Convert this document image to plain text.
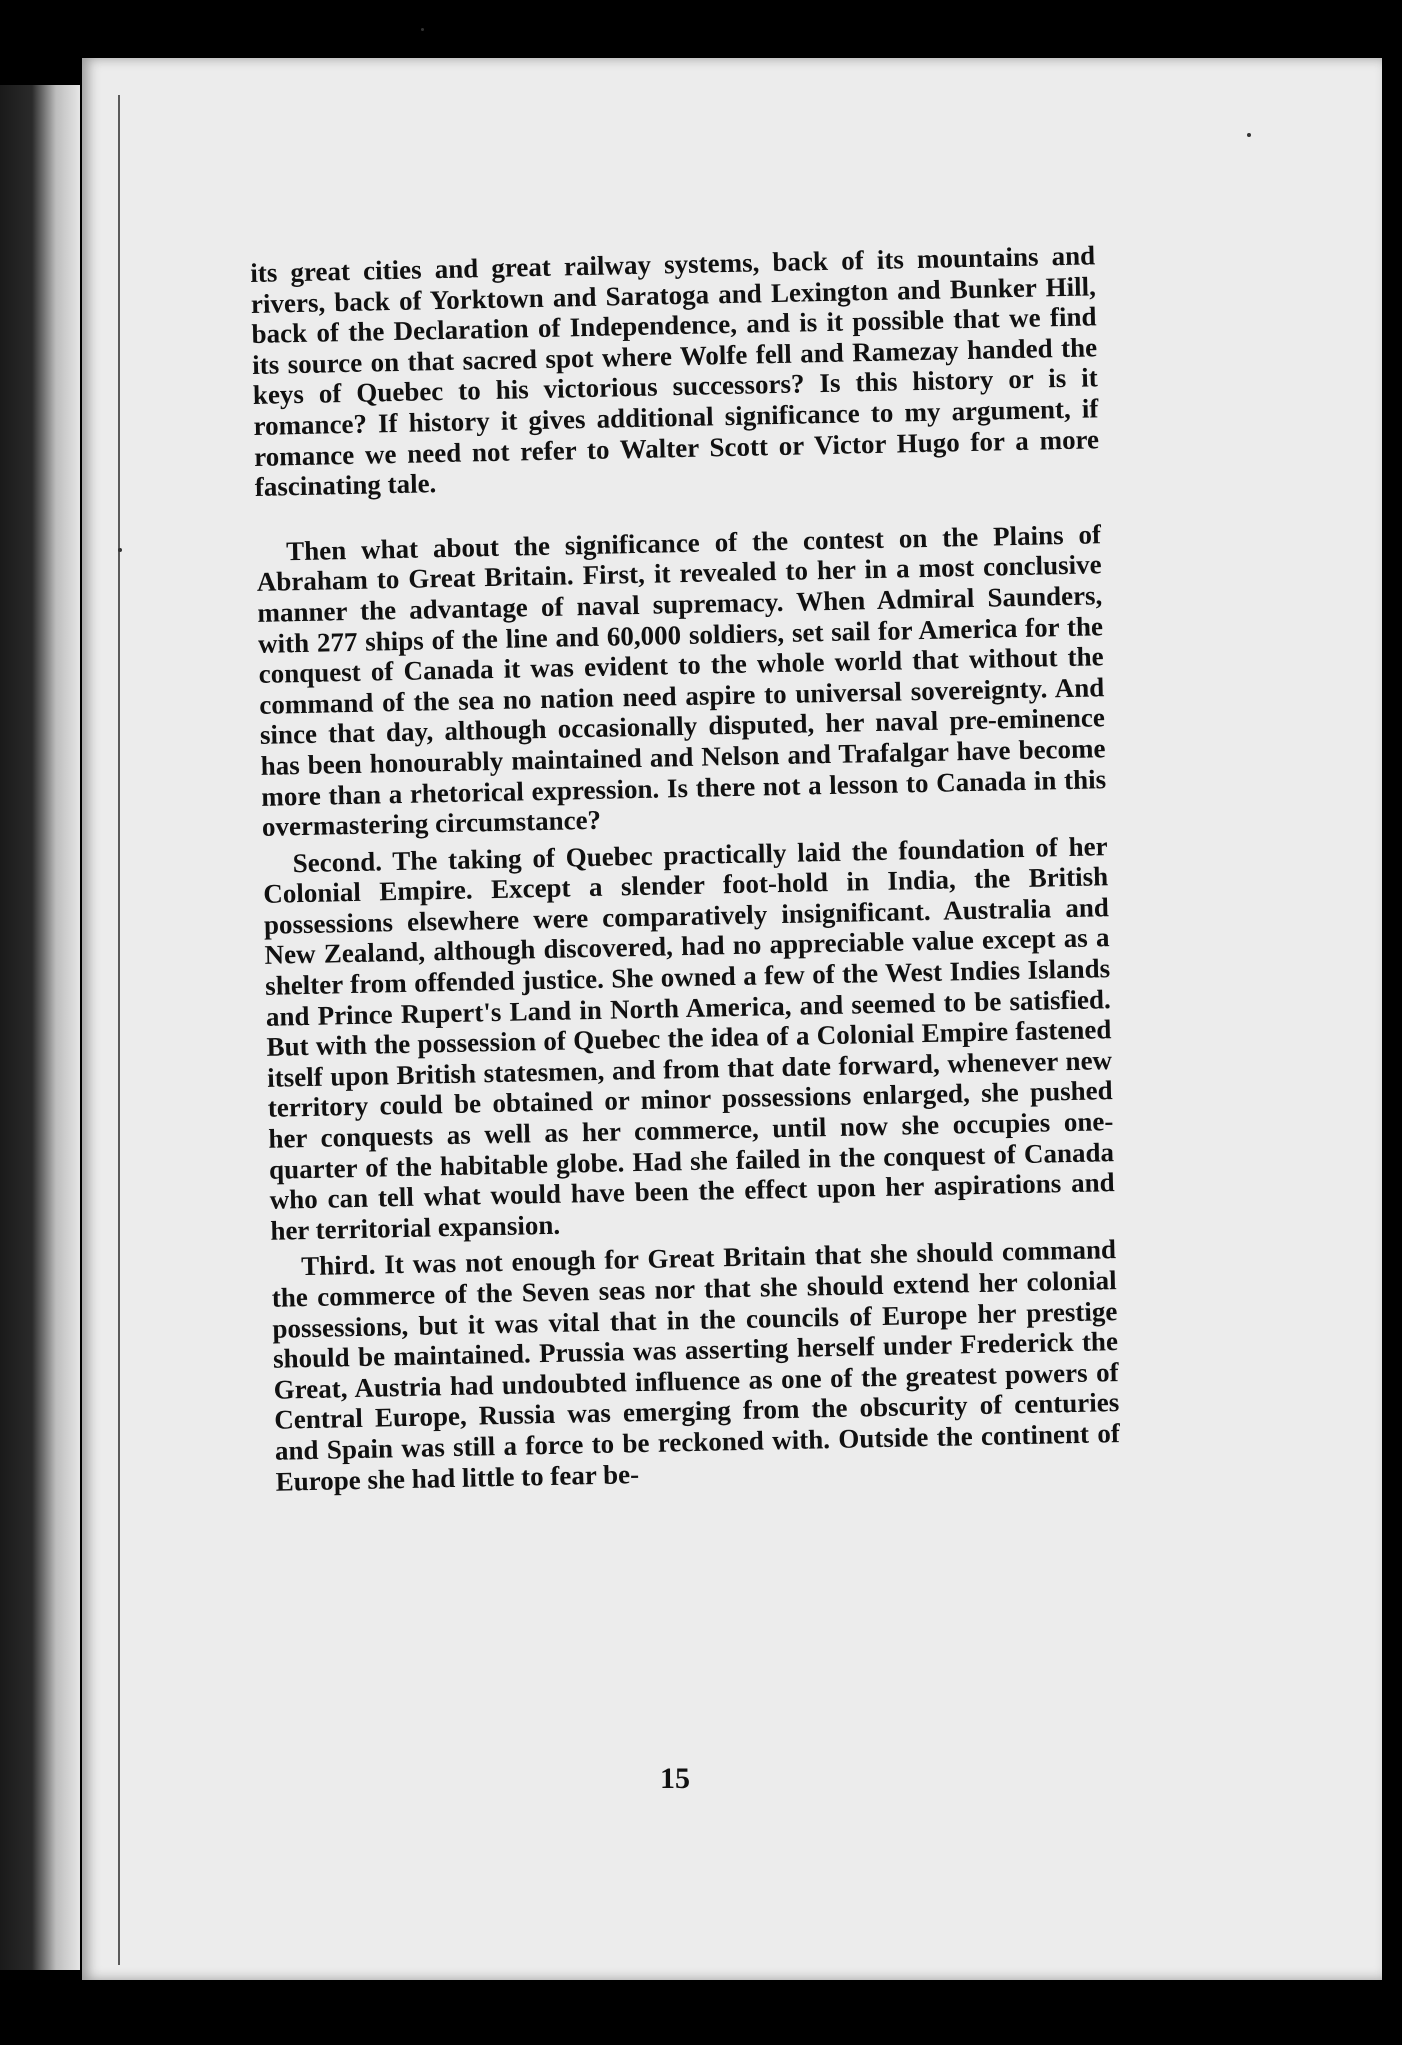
its great cities and great railway systems, back of its mountains and rivers, back of Yorktown and Saratoga and Lexington and Bunker Hill, back of the Declaration of Independence, and is it possible that we find its source on that sacred spot where Wolfe fell and Ramezay handed the keys of Quebec to his victorious successors? Is this history or is it romance? If history it gives additional significance to my argument, if romance we need not refer to Walter Scott or Victor Hugo for a more fascinating tale.

Then what about the significance of the contest on the Plains of Abraham to Great Britain. First, it revealed to her in a most conclusive manner the advantage of naval supremacy. When Admiral Saunders, with 277 ships of the line and 60,000 soldiers, set sail for America for the conquest of Canada it was evident to the whole world that without the command of the sea no nation need aspire to universal sovereignty. And since that day, although occasionally disputed, her naval pre-eminence has been honourably maintained and Nelson and Trafalgar have become more than a rhetorical expression. Is there not a lesson to Canada in this overmastering circumstance?

Second. The taking of Quebec practically laid the foundation of her Colonial Empire. Except a slender foot-hold in India, the British possessions elsewhere were comparatively insignificant. Australia and New Zealand, although discovered, had no appreciable value except as a shelter from offended justice. She owned a few of the West Indies Islands and Prince Rupert's Land in North America, and seemed to be satisfied. But with the possession of Quebec the idea of a Colonial Empire fastened itself upon British statesmen, and from that date forward, whenever new territory could be obtained or minor possessions enlarged, she pushed her conquests as well as her commerce, until now she occupies one-quarter of the habitable globe. Had she failed in the conquest of Canada who can tell what would have been the effect upon her aspirations and her territorial expansion.

Third. It was not enough for Great Britain that she should command the commerce of the Seven seas nor that she should extend her colonial possessions, but it was vital that in the councils of Europe her prestige should be maintained. Prussia was asserting herself under Frederick the Great, Austria had undoubted influence as one of the greatest powers of Central Europe, Russia was emerging from the obscurity of centuries and Spain was still a force to be reckoned with. Outside the continent of Europe she had little to fear be-

15
